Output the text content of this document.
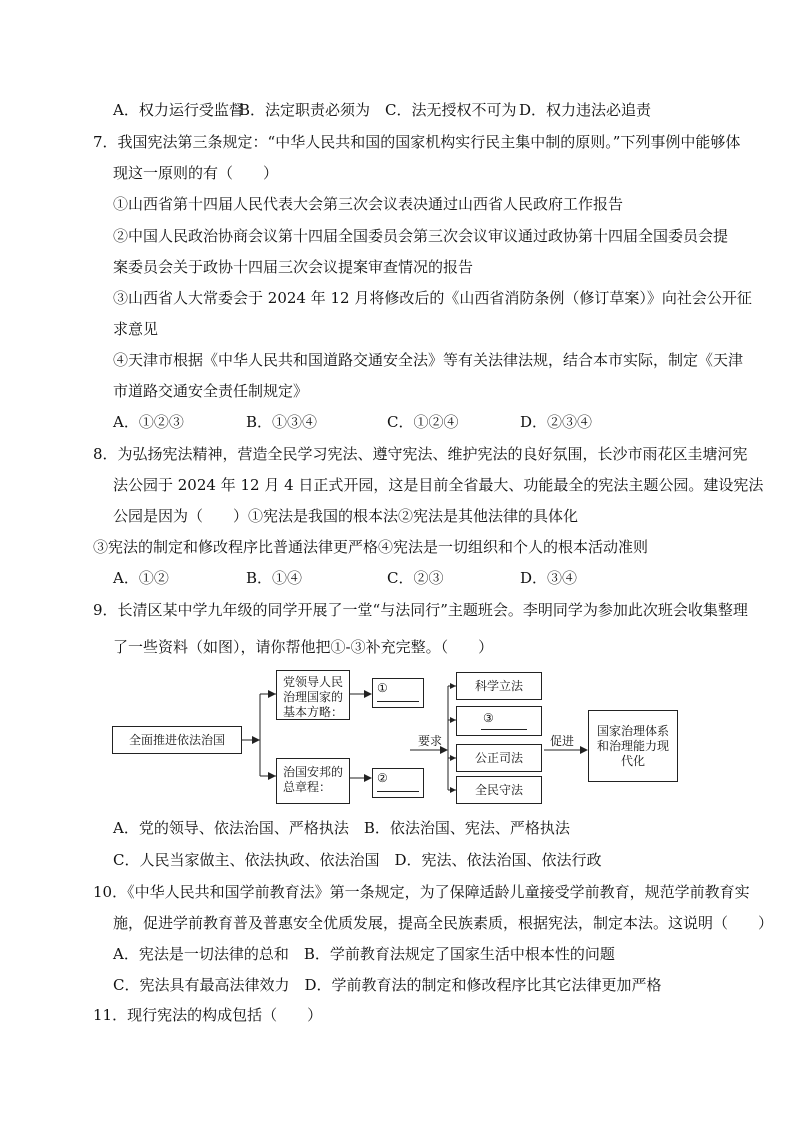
A．权力运行受监督
B．法定职责必须为 C．法无授权不可为 D．权力违法必追责
7．我国宪法第三条规定：“中华人民共和国的国家机构实行民主集中制的原则。”下列事例中能够体
现这一原则的有（　　）
①山西省第十四届人民代表大会第三次会议表决通过山西省人民政府工作报告
②中国人民政治协商会议第十四届全国委员会第三次会议审议通过政协第十四届全国委员会提
案委员会关于政协十四届三次会议提案审查情况的报告
③山西省人大常委会于 2024 年 12 月将修改后的《山西省消防条例（修订草案）》向社会公开征
求意见
④天津市根据《中华人民共和国道路交通安全法》等有关法律法规，结合本市实际，制定《天津
市道路交通安全责任制规定》
A．①②③	B．①③④	C．①②④	D．②③④
8．为弘扬宪法精神，营造全民学习宪法、遵守宪法、维护宪法的良好氛围，长沙市雨花区圭塘河宪
法公园于 2024 年 12 月 4 日正式开园，这是目前全省最大、功能最全的宪法主题公园。建设宪法
公园是因为（　　）①宪法是我国的根本法②宪法是其他法律的具体化
③宪法的制定和修改程序比普通法律更严格④宪法是一切组织和个人的根本活动准则
A．①②	B．①④	C．②③	D．③④
9．长清区某中学九年级的同学开展了一堂“与法同行”主题班会。李明同学为参加此次班会收集整理
了一些资料（如图），请你帮他把①-③补充完整。（　　）
全面推进依法治国
党领导人民治理国家的基本方略：
治国安邦的总章程：
①
②
要求
科学立法
③
公正司法
全民守法
促进
国家治理体系和治理能力现代化
A．党的领导、依法治国、严格执法　B．依法治国、宪法、严格执法
C．人民当家做主、依法执政、依法治国　D．宪法、依法治国、依法行政
10．《中华人民共和国学前教育法》第一条规定，为了保障适龄儿童接受学前教育，规范学前教育实
施，促进学前教育普及普惠安全优质发展，提高全民族素质，根据宪法，制定本法。这说明（　　）
A．宪法是一切法律的总和　B．学前教育法规定了国家生活中根本性的问题
C．宪法具有最高法律效力　D．学前教育法的制定和修改程序比其它法律更加严格
11．现行宪法的构成包括（　　）
